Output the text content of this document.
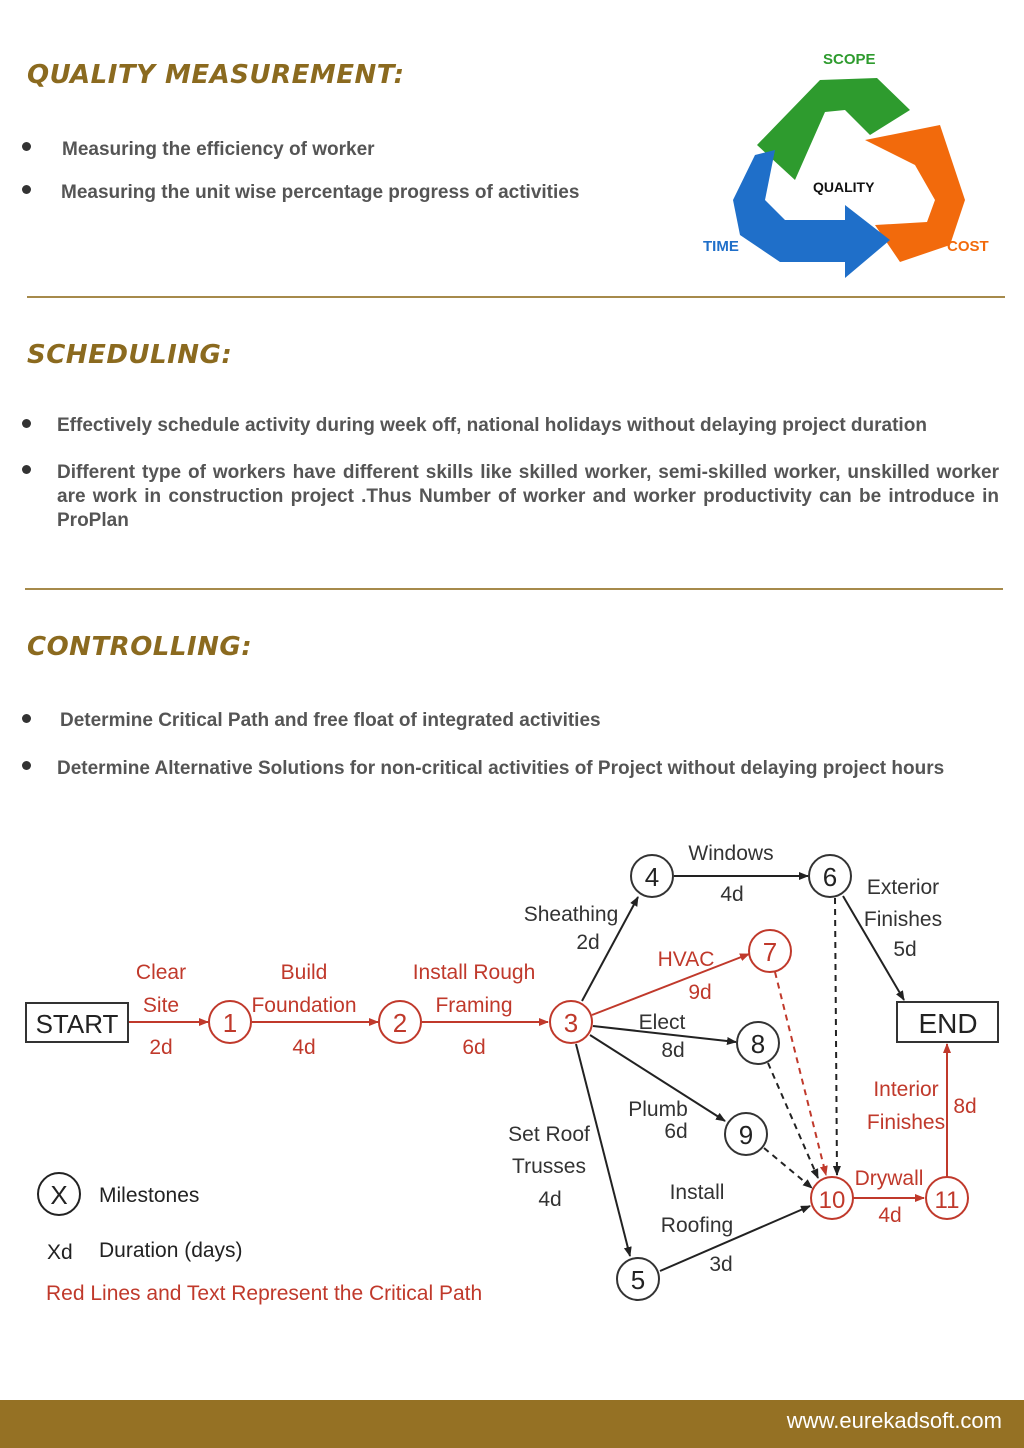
QUALITY MEASUREMENT:

Measuring the efficiency of worker

Measuring the unit wise percentage progress of activities

SCOPE
QUALITY
TIME	COST
SCHEDULING:

Effectively schedule activity during week off, national holidays without delaying project duration

Different type of workers have different skills like skilled worker, semi-skilled worker, unskilled worker are work in construction project .Thus Number of worker and worker productivity can be introduce in ProPlan

CONTROLLING:

Determine Critical Path and free float of integrated activities

Determine Alternative Solutions for non-critical activities of Project without delaying project hours

START	END
1	2	3
4
5
6
7
8
9
10	11
Clear
Site
2d
Build
Foundation
4d
Install Rough
Framing
6d
Sheathing
2d
Windows
4d	Exterior
Finishes
5d
HVAC
9d
Elect
8d
Plumb
6d
Set Roof
Trusses
4d	Install
Roofing
3d
Drywall
4d
Interior
Finishes
8d
X Milestones
Xd Duration (days)
Red Lines and Text Represent the Critical Path
www.eurekadsoft.com
